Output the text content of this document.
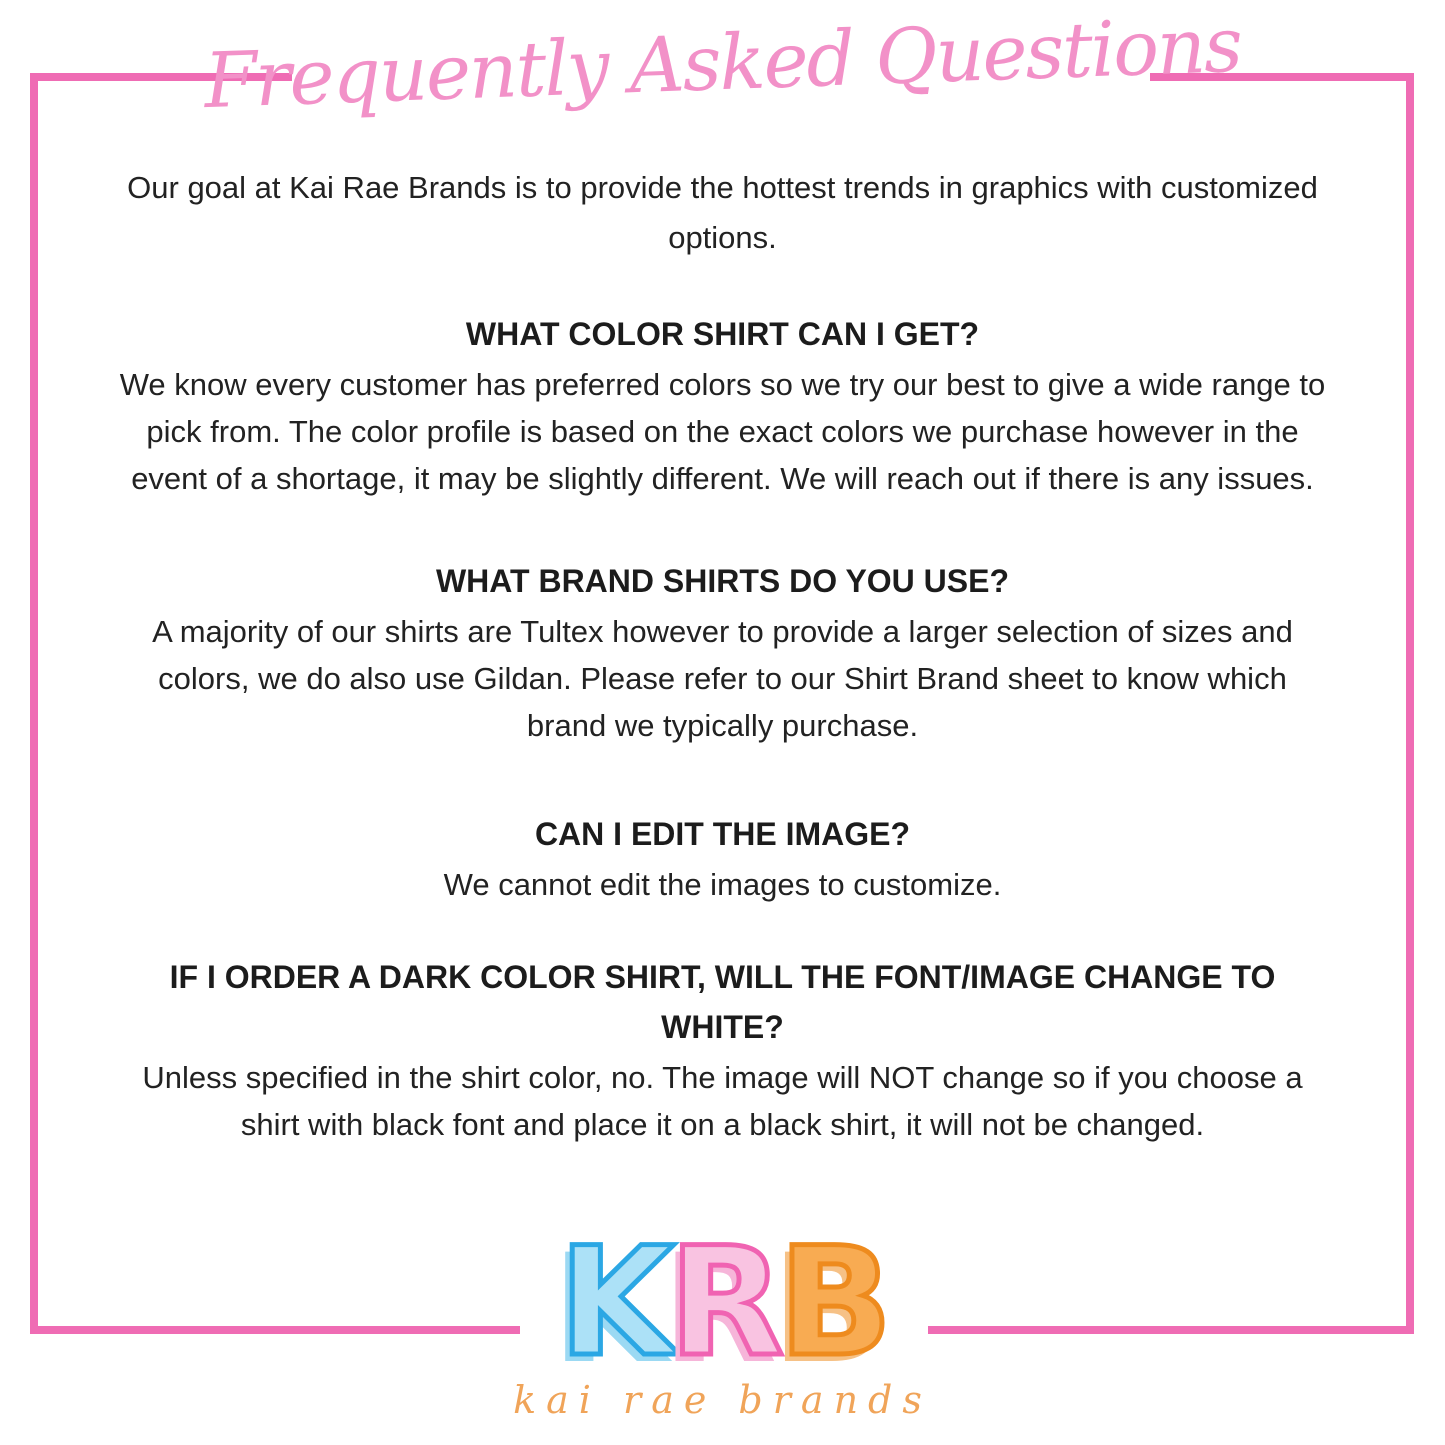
Frequently Asked Questions
Our goal at Kai Rae Brands is to provide the hottest trends in graphics with customized options.
WHAT COLOR SHIRT CAN I GET?
We know every customer has preferred colors so we try our best to give a wide range to pick from. The color profile is based on the exact colors we purchase however in the event of a shortage, it may be slightly different. We will reach out if there is any issues.
WHAT BRAND SHIRTS DO YOU USE?
A majority of our shirts are Tultex however to provide a larger selection of sizes and colors, we do also use Gildan. Please refer to our Shirt Brand sheet to know which brand we typically purchase.
CAN I EDIT THE IMAGE?
We cannot edit the images to customize.
IF I ORDER A DARK COLOR SHIRT, WILL THE FONT/IMAGE CHANGE TO WHITE?
Unless specified in the shirt color, no. The image will NOT change so if you choose a shirt with black font and place it on a black shirt, it will not be changed.
KRB
kai rae brands
